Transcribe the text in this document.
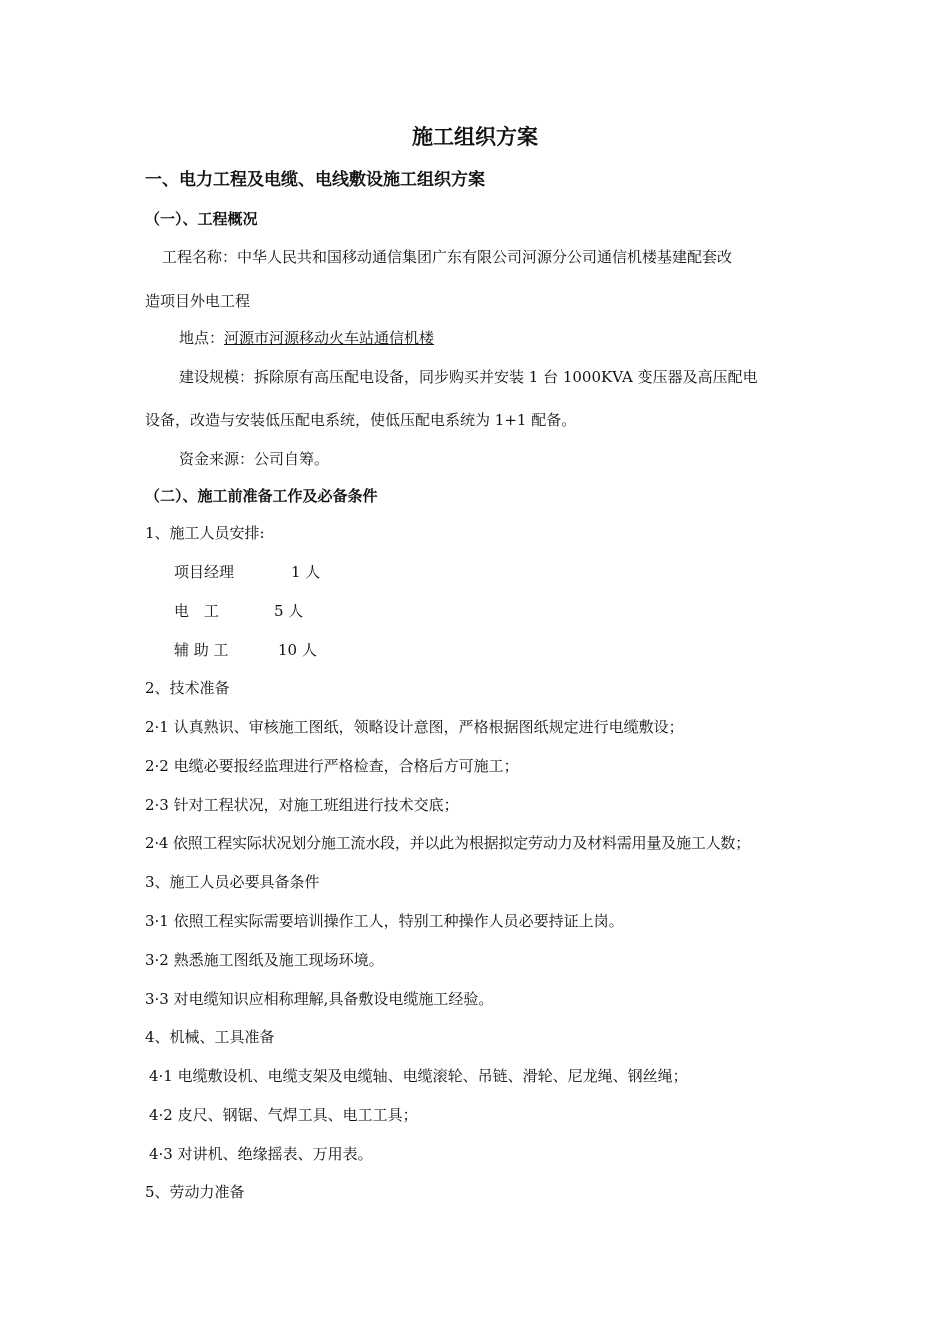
施工组织方案
一、电力工程及电缆、电线敷设施工组织方案
（一）、工程概况
工程名称：中华人民共和国移动通信集团广东有限公司河源分公司通信机楼基建配套改
造项目外电工程
地点：河源市河源移动火车站通信机楼
建设规模：拆除原有高压配电设备，同步购买并安装 1 台 1000KVA 变压器及高压配电
设备，改造与安装低压配电系统，使低压配电系统为 1+1 配备。
资金来源：公司自筹。
（二）、施工前准备工作及必备条件
1、施工人员安排:
项目经理	1 人
电　工	5 人
辅 助 工	10 人
2、技术准备
2·1 认真熟识、审核施工图纸，领略设计意图，严格根据图纸规定进行电缆敷设；
2·2 电缆必要报经监理进行严格检查，合格后方可施工；
2·3 针对工程状况，对施工班组进行技术交底；
2·4 依照工程实际状况划分施工流水段，并以此为根据拟定劳动力及材料需用量及施工人数；
3、施工人员必要具备条件
3·1 依照工程实际需要培训操作工人，特别工种操作人员必要持证上岗。
3·2 熟悉施工图纸及施工现场环境。
3·3 对电缆知识应相称理解,具备敷设电缆施工经验。
4、机械、工具准备
4·1 电缆敷设机、电缆支架及电缆轴、电缆滚轮、吊链、滑轮、尼龙绳、钢丝绳；
4·2 皮尺、钢锯、气焊工具、电工工具；
4·3 对讲机、绝缘摇表、万用表。
5、劳动力准备
